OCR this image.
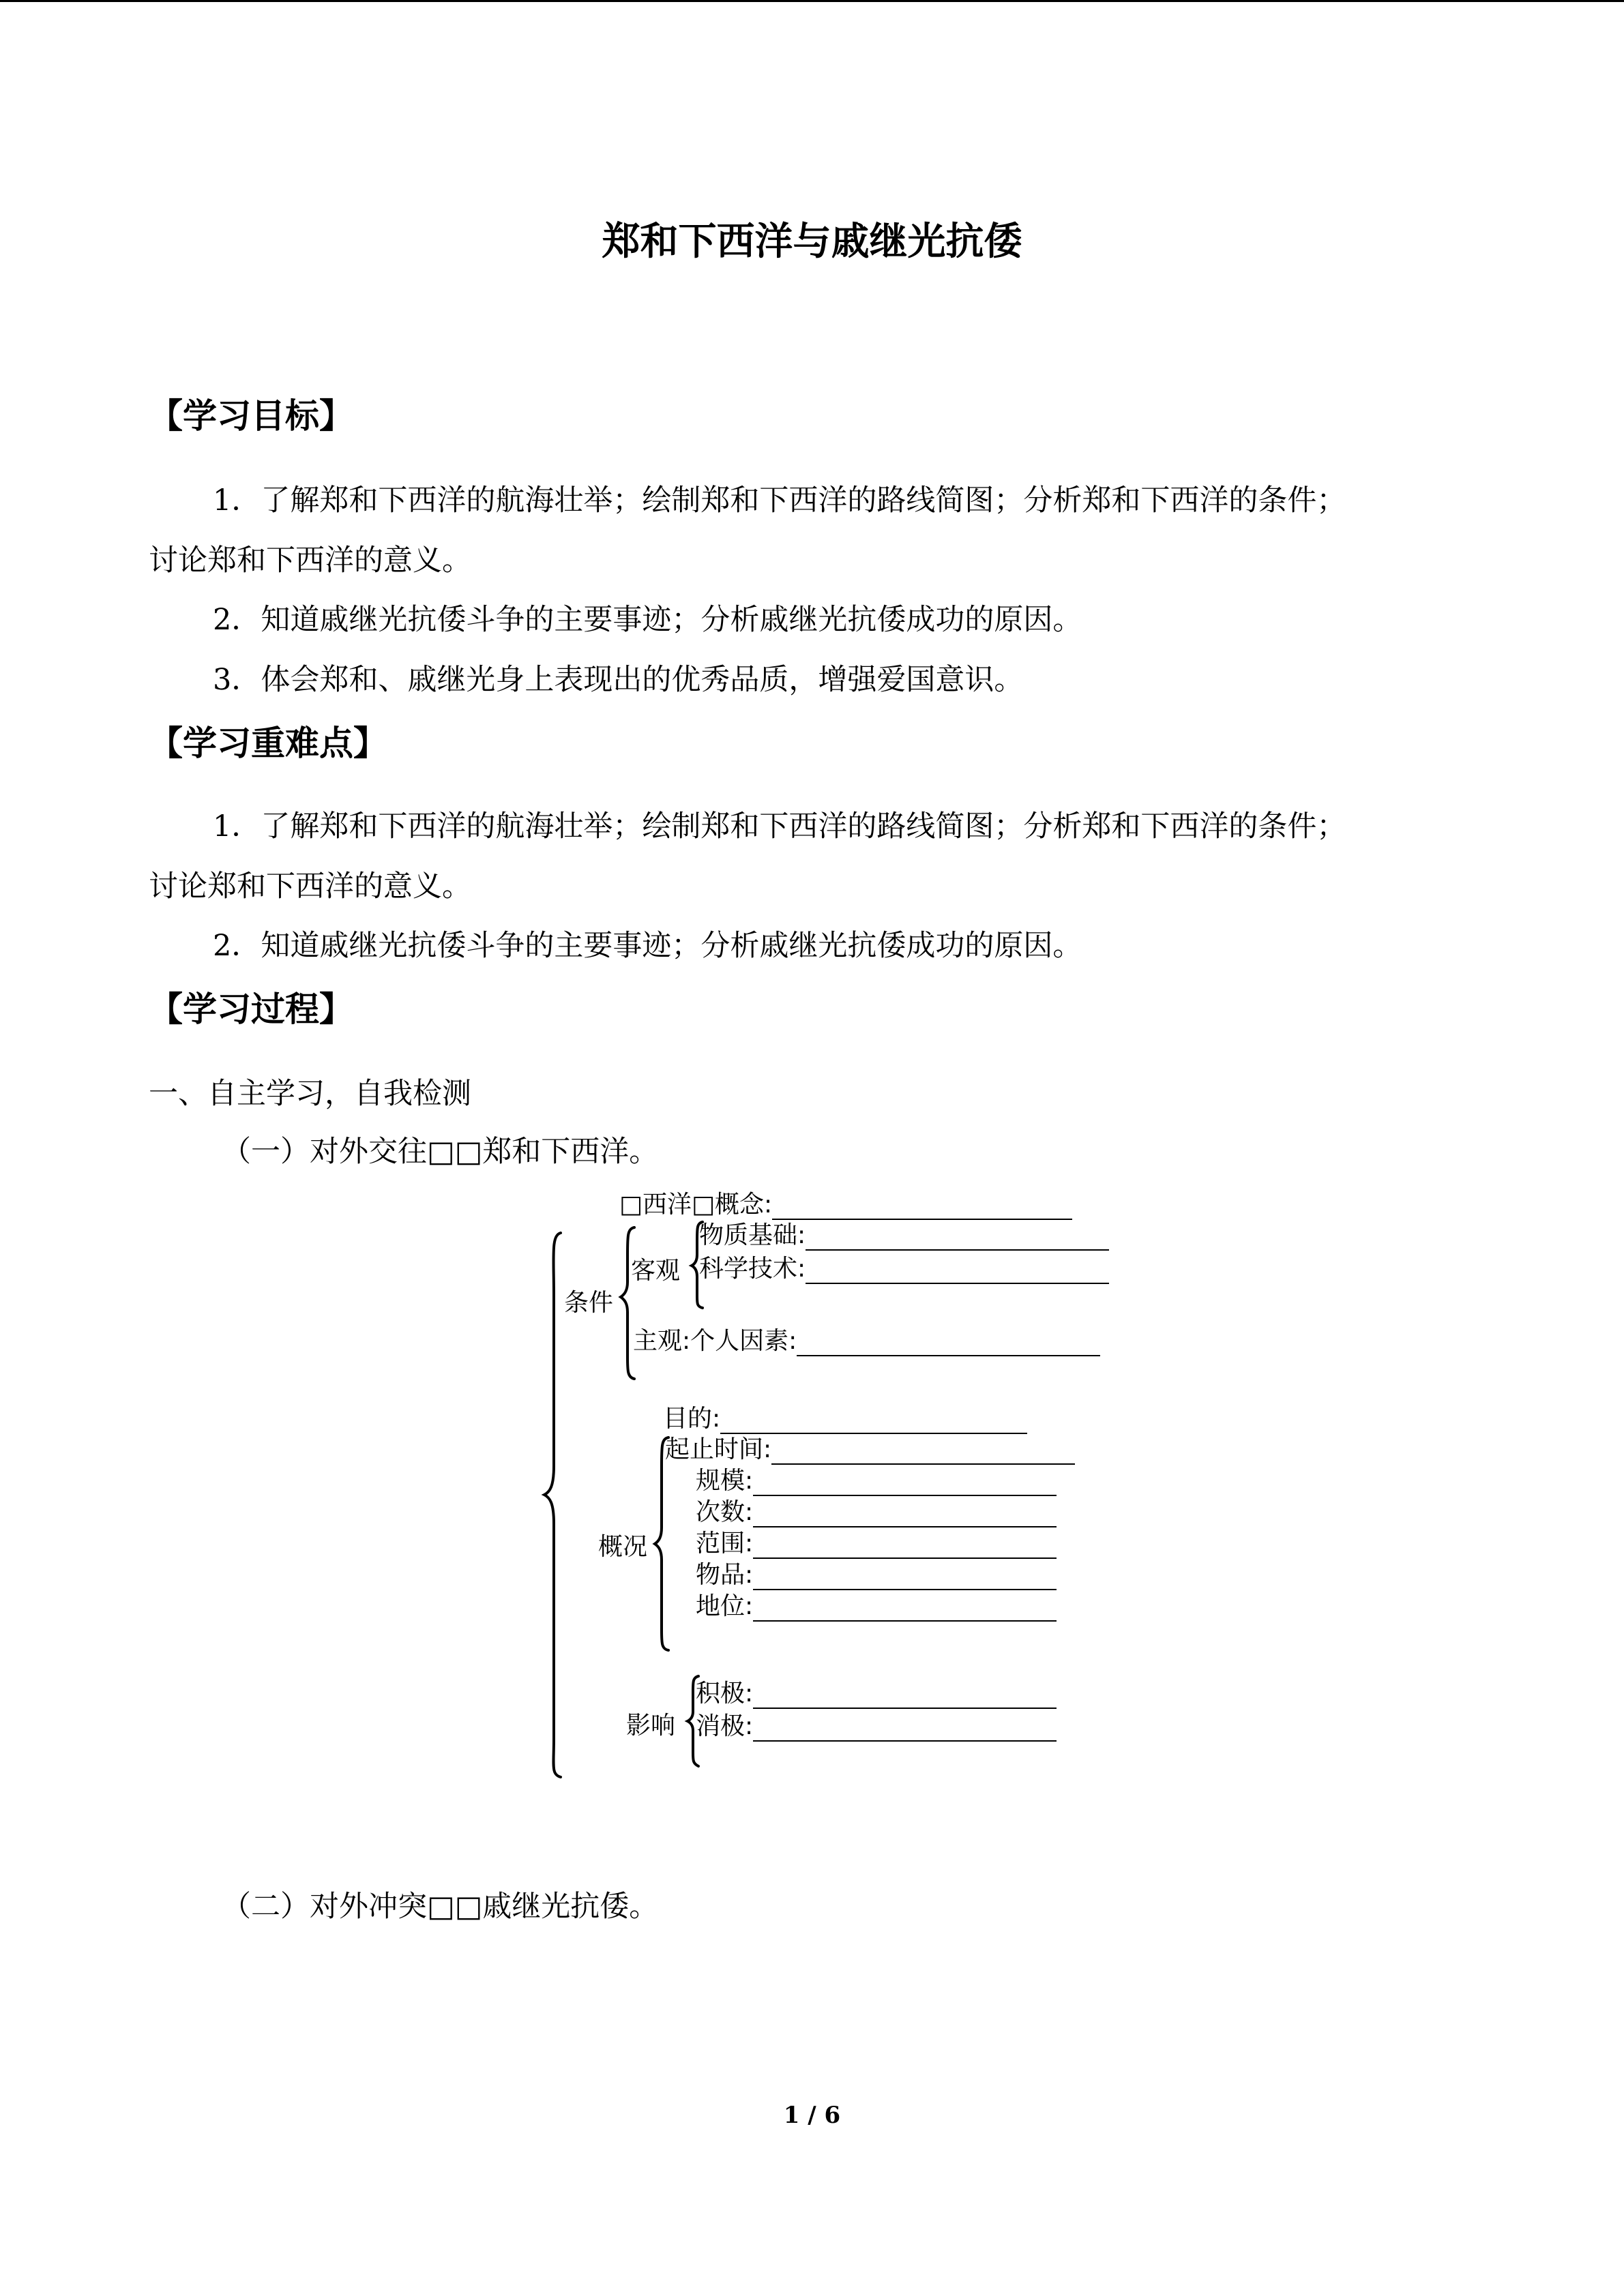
郑和下西洋与戚继光抗倭
【学习目标】
1．了解郑和下西洋的航海壮举；绘制郑和下西洋的路线简图；分析郑和下西洋的条件；
讨论郑和下西洋的意义。
2．知道戚继光抗倭斗争的主要事迹；分析戚继光抗倭成功的原因。
3．体会郑和、戚继光身上表现出的优秀品质，增强爱国意识。
【学习重难点】
1．了解郑和下西洋的航海壮举；绘制郑和下西洋的路线简图；分析郑和下西洋的条件；
讨论郑和下西洋的意义。
2．知道戚继光抗倭斗争的主要事迹；分析戚继光抗倭成功的原因。
【学习过程】
一、自主学习，自我检测
（一）对外交往□□郑和下西洋。
□西洋□概念:
条件
客观
物质基础:
科学技术:
主观:个人因素:
目的:
起止时间:
概况
规模:
次数:
范围:
物品:
地位:
影响
积极:
消极:
（二）对外冲突□□戚继光抗倭。
1 / 6
